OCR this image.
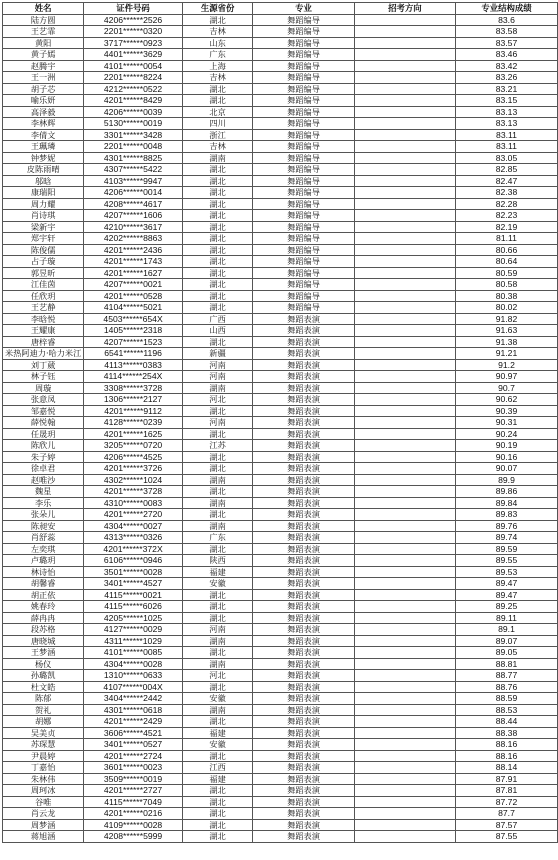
姓名	证件号码	生源省份	专业	招考方向	专业结构成绩
陆方圆	4206******2526	湖北	舞蹈编导		83.6
王艺霏	2201******0320	吉林	舞蹈编导		83.58
黄阳	3717******0923	山东	舞蹈编导		83.57
黄子嫣	4401******3629	广东	舞蹈编导		83.46
赵腾宇	4101******0054	上海	舞蹈编导		83.42
王一洲	2201******8224	吉林	舞蹈编导		83.26
胡子芯	4212******0522	湖北	舞蹈编导		83.21
喻乐妍	4201******8429	湖北	舞蹈编导		83.15
高泽毅	4206******0039	北京	舞蹈编导		83.13
李林辉	5130******0019	四川	舞蹈编导		83.13
李倩文	3301******3428	浙江	舞蹈编导		83.11
王珮璘	2201******0048	吉林	舞蹈编导		83.11
钟梦妮	4301******8825	湖南	舞蹈编导		83.05
皮陈雨晴	4307******5422	湖北	舞蹈编导		82.85
邬晗	4103******9947	湖北	舞蹈编导		82.47
康瑞阳	4206******0014	湖北	舞蹈编导		82.38
周力耀	4208******4617	湖北	舞蹈编导		82.28
肖诗琪	4207******1606	湖北	舞蹈编导		82.23
梁新宇	4210******3617	湖北	舞蹈编导		82.19
郑宇轩	4202******8863	湖北	舞蹈编导		81.11
陈俊儒	4201******2436	湖北	舞蹈编导		80.66
占子璇	4201******1743	湖北	舞蹈编导		80.64
郭昱昕	4201******1627	湖北	舞蹈编导		80.59
江佳茵	4207******0021	湖北	舞蹈编导		80.58
任欣玥	4201******0528	湖北	舞蹈编导		80.38
王艺静	4104******5021	湖北	舞蹈编导		80.02
李晗悦	4503******654X	广西	舞蹈表演		91.82
王耀康	1405******2318	山西	舞蹈表演		91.63
唐梓睿	4207******1523	湖北	舞蹈表演		91.38
米热阿迪力·哈力米江	6541******1196	新疆	舞蹈表演		91.21
刘丁葳	4113******0383	河南	舞蹈表演		91.2
林子钰	4114******254X	河南	舞蹈表演		90.97
周璇	3308******3728	湖南	舞蹈表演		90.7
张意凤	1306******2127	河北	舞蹈表演		90.62
邹嘉悦	4201******9112	湖北	舞蹈表演		90.39
薛悦翰	4128******0239	河南	舞蹈表演		90.31
任晟玥	4201******1625	湖北	舞蹈表演		90.24
陈欣儿	3205******0720	江苏	舞蹈表演		90.19
朱子婷	4206******4525	湖北	舞蹈表演		90.16
徐卓君	4201******3726	湖北	舞蹈表演		90.07
赵唯沙	4302******1024	湖南	舞蹈表演		89.9
魏星	4201******3728	湖北	舞蹈表演		89.86
李乐	4310******0083	湖南	舞蹈表演		89.84
张朵儿	4201******2720	湖北	舞蹈表演		89.83
陈昶安	4304******0027	湖南	舞蹈表演		89.76
肖舒蕊	4313******0326	广东	舞蹈表演		89.74
左奕琪	4201******372X	湖北	舞蹈表演		89.59
卢璐玥	6106******0946	陕西	舞蹈表演		89.55
林诗怡	3501******0028	福建	舞蹈表演		89.53
胡馨睿	3401******4527	安徽	舞蹈表演		89.47
胡正依	4115******0021	湖北	舞蹈表演		89.47
姚春玲	4115******6026	湖北	舞蹈表演		89.25
薛冉冉	4205******1025	湖北	舞蹈表演		89.11
段苏格	4127******0029	河南	舞蹈表演		89.1
唐晓城	4311******1029	湖南	舞蹈表演		89.07
王梦涵	4101******0085	湖北	舞蹈表演		89.05
杨仪	4304******0028	湖南	舞蹈表演		88.81
孙璐凯	1310******0633	河北	舞蹈表演		88.77
杜文皓	4107******004X	湖北	舞蹈表演		88.76
陈郁	3404******2442	安徽	舞蹈表演		88.59
贺礼	4301******0618	湖南	舞蹈表演		88.53
胡娜	4201******2429	湖北	舞蹈表演		88.44
吴美贞	3606******4521	福建	舞蹈表演		88.38
苏琛慧	3401******0527	安徽	舞蹈表演		88.16
尹晨婷	4201******2724	湖北	舞蹈表演		88.16
丁嘉怡	3601******0023	江西	舞蹈表演		88.14
朱林伟	3509******0019	福建	舞蹈表演		87.91
周珂冰	4201******2727	湖北	舞蹈表演		87.81
谷唯	4115******7049	湖北	舞蹈表演		87.72
肖云龙	4201******0216	湖北	舞蹈表演		87.7
周梦涵	4109******0028	湖北	舞蹈表演		87.57
蒋旭涵	4208******5999	湖北	舞蹈表演		87.55
